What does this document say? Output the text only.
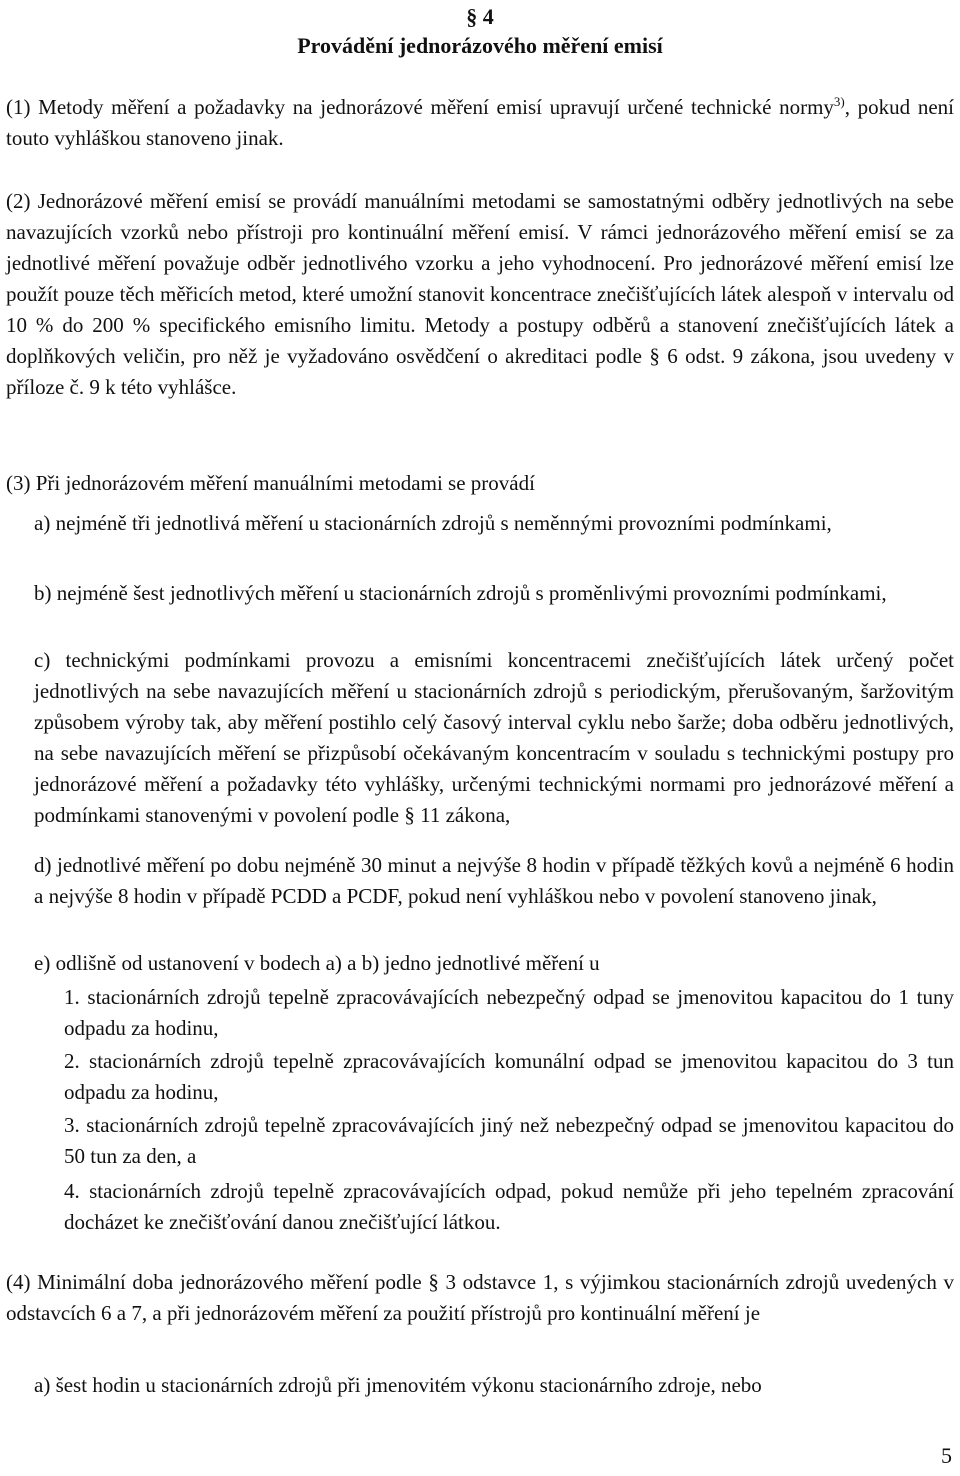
§ 4
Provádění jednorázového měření emisí

(1) Metody měření a požadavky na jednorázové měření emisí upravují určené technické normy$^{3)}$, pokud není touto vyhláškou stanoveno jinak.

(2) Jednorázové měření emisí se provádí manuálními metodami se samostatnými odběry jednotlivých na sebe navazujících vzorků nebo přístroji pro kontinuální měření emisí. V rámci jednorázového měření emisí se za jednotlivé měření považuje odběr jednotlivého vzorku a jeho vyhodnocení. Pro jednorázové měření emisí lze použít pouze těch měřicích metod, které umožní stanovit koncentrace znečišťujících látek alespoň v intervalu od 10 % do 200 % specifického emisního limitu. Metody a postupy odběrů a stanovení znečišťujících látek a doplňkových veličin, pro něž je vyžadováno osvědčení o akreditaci podle § 6 odst. 9 zákona, jsou uvedeny v příloze č. 9 k této vyhlášce.

(3) Při jednorázovém měření manuálními metodami se provádí

a) nejméně tři jednotlivá měření u stacionárních zdrojů s neměnnými provozními podmínkami,

b) nejméně šest jednotlivých měření u stacionárních zdrojů s proměnlivými provozními podmínkami,

c) technickými podmínkami provozu a emisními koncentracemi znečišťujících látek určený počet jednotlivých na sebe navazujících měření u stacionárních zdrojů s periodickým, přerušovaným, šaržovitým způsobem výroby tak, aby měření postihlo celý časový interval cyklu nebo šarže; doba odběru jednotlivých, na sebe navazujících měření se přizpůsobí očekávaným koncentracím v souladu s technickými postupy pro jednorázové měření a požadavky této vyhlášky, určenými technickými normami pro jednorázové měření a podmínkami stanovenými v povolení podle § 11 zákona,

d) jednotlivé měření po dobu nejméně 30 minut a nejvýše 8 hodin v případě těžkých kovů a nejméně 6 hodin a nejvýše 8 hodin v případě PCDD a PCDF, pokud není vyhláškou nebo v povolení stanoveno jinak,

e) odlišně od ustanovení v bodech a) a b) jedno jednotlivé měření u

1. stacionárních zdrojů tepelně zpracovávajících nebezpečný odpad se jmenovitou kapacitou do 1 tuny odpadu za hodinu,

2. stacionárních zdrojů tepelně zpracovávajících komunální odpad se jmenovitou kapacitou do 3 tun odpadu za hodinu,

3. stacionárních zdrojů tepelně zpracovávajících jiný než nebezpečný odpad se jmenovitou kapacitou do 50 tun za den, a

4. stacionárních zdrojů tepelně zpracovávajících odpad, pokud nemůže při jeho tepelném zpracování docházet ke znečišťování danou znečišťující látkou.

(4) Minimální doba jednorázového měření podle § 3 odstavce 1, s výjimkou stacionárních zdrojů uvedených v odstavcích 6 a 7, a při jednorázovém měření za použití přístrojů pro kontinuální měření je

a) šest hodin u stacionárních zdrojů při jmenovitém výkonu stacionárního zdroje, nebo

5
